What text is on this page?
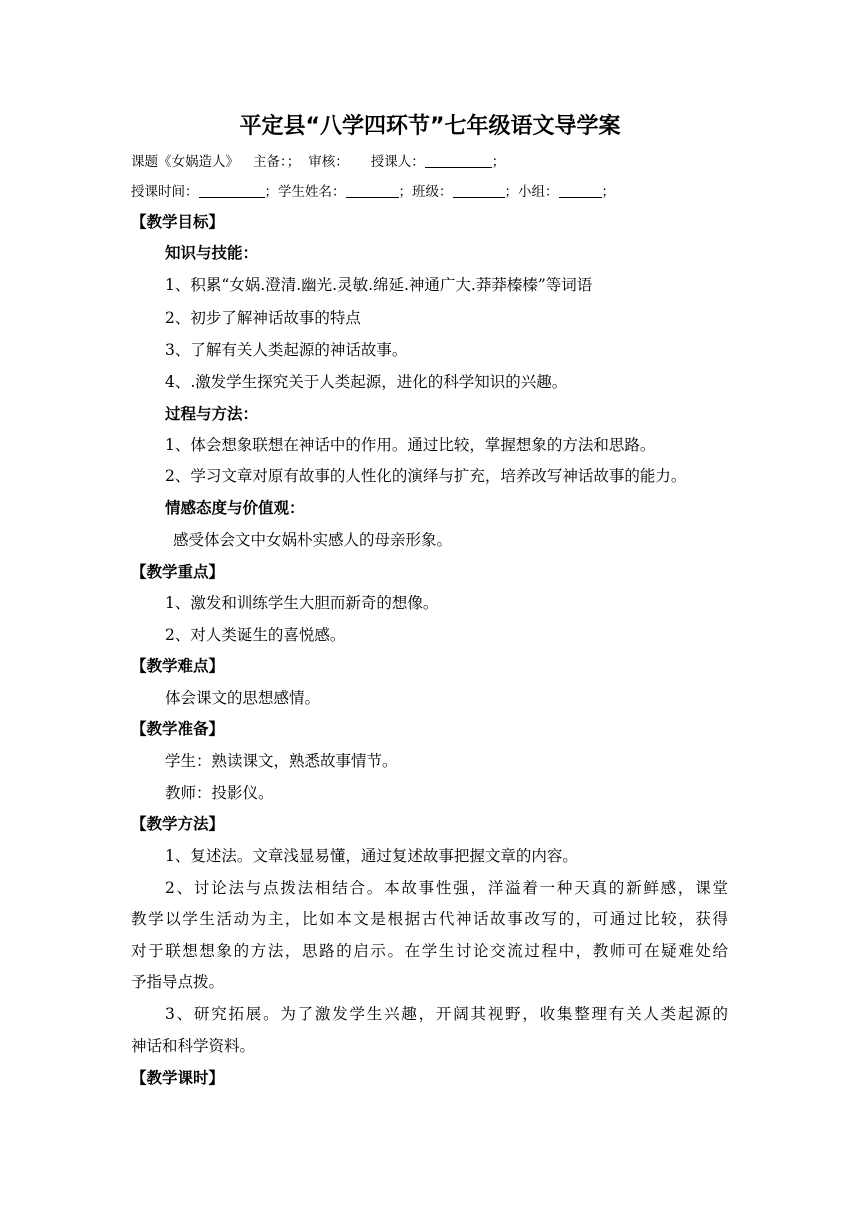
平定县“八学四环节”七年级语文导学案
课题《女娲造人》 主备：； 审核： 授课人：	；
授课时间：	；学生姓名：	；班级：	；小组：	；
【教学目标】
知识与技能：
1、积累“女娲.澄清.幽光.灵敏.绵延.神通广大.莽莽榛榛”等词语
2、初步了解神话故事的特点
3、了解有关人类起源的神话故事。
4、.激发学生探究关于人类起源，进化的科学知识的兴趣。
过程与方法：
1、体会想象联想在神话中的作用。通过比较，掌握想象的方法和思路。
2、学习文章对原有故事的人性化的演绎与扩充，培养改写神话故事的能力。
情感态度与价值观：
感受体会文中女娲朴实感人的母亲形象。
【教学重点】
1、激发和训练学生大胆而新奇的想像。
2、对人类诞生的喜悦感。
【教学难点】
体会课文的思想感情。
【教学准备】
学生：熟读课文，熟悉故事情节。
教师：投影仪。
【教学方法】
1、复述法。文章浅显易懂，通过复述故事把握文章的内容。
2、讨论法与点拨法相结合。本故事性强，洋溢着一种天真的新鲜感，课堂
教学以学生活动为主，比如本文是根据古代神话故事改写的，可通过比较，获得
对于联想想象的方法，思路的启示。在学生讨论交流过程中，教师可在疑难处给
予指导点拨。
3、研究拓展。为了激发学生兴趣，开阔其视野，收集整理有关人类起源的
神话和科学资料。
【教学课时】
